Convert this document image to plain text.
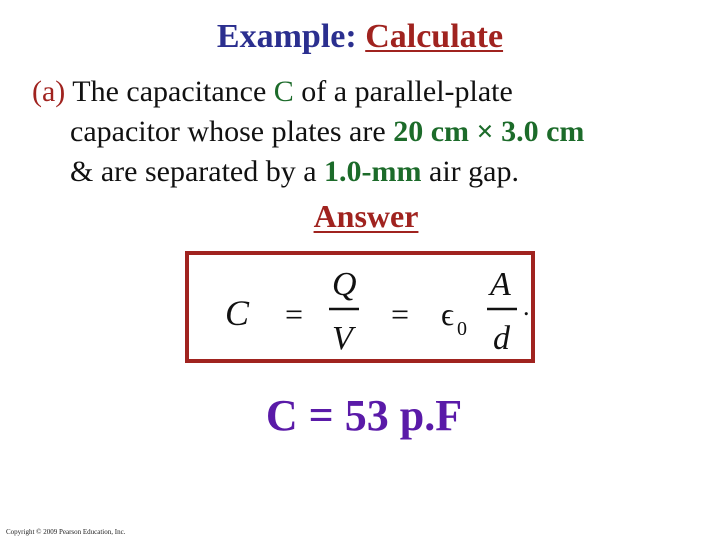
Example: Calculate
(a) The capacitance C of a parallel-plate
capacitor whose plates are 20 cm × 3.0 cm
& are separated by a 1.0-mm air gap.
Answer
C =
Q
V
= ϵ 0
A
d
.
C = 53 p.F
Copyright © 2009 Pearson Education, Inc.
